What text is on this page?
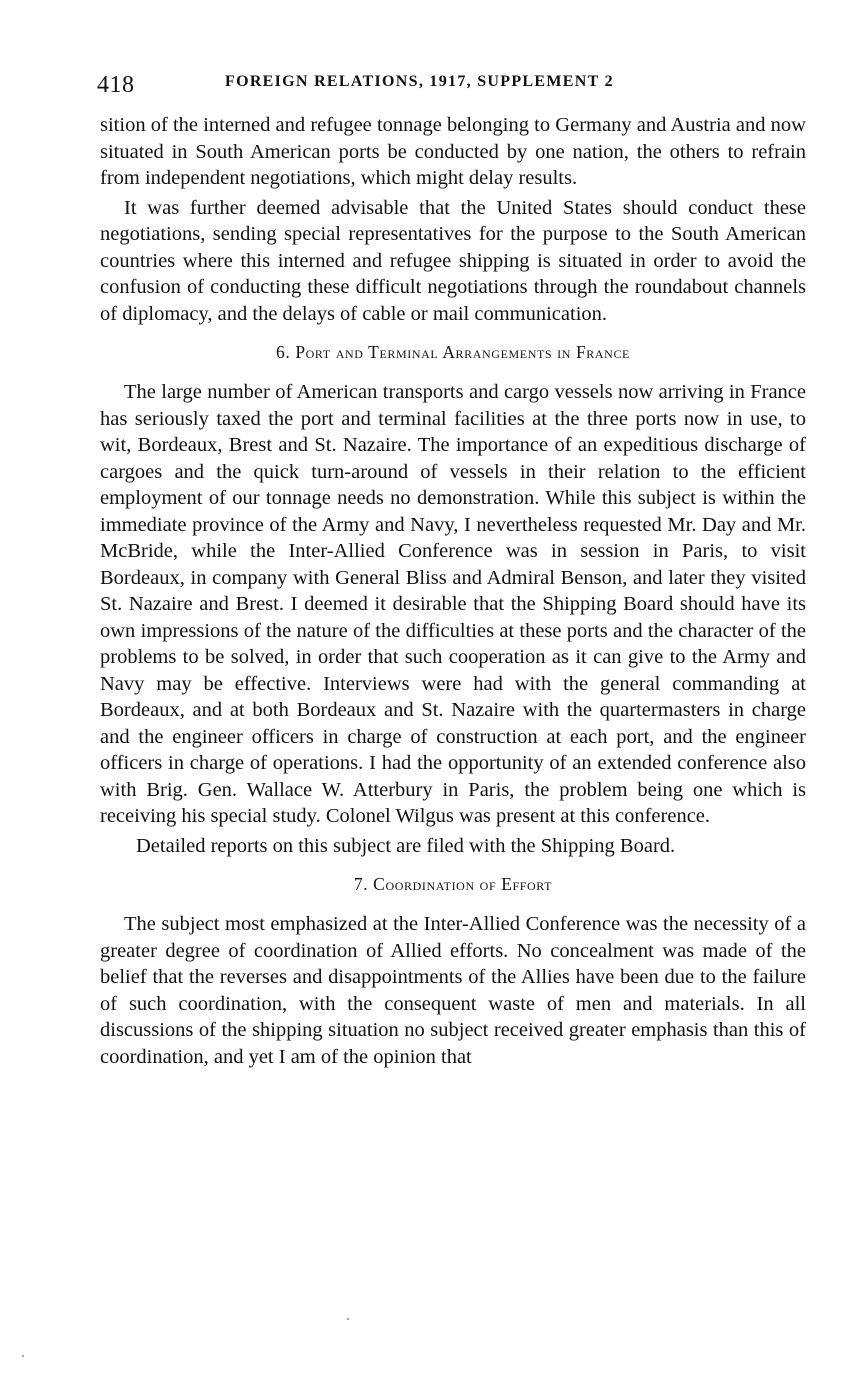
418	FOREIGN RELATIONS, 1917, SUPPLEMENT 2

sition of the interned and refugee tonnage belonging to Germany and Austria and now situated in South American ports be conducted by one nation, the others to refrain from independent negotiations, which might delay results.

It was further deemed advisable that the United States should conduct these negotiations, sending special representatives for the purpose to the South American countries where this interned and refugee shipping is situated in order to avoid the confusion of conducting these difficult negotiations through the roundabout channels of diplomacy, and the delays of cable or mail communication.

6. Port and Terminal Arrangements in France

The large number of American transports and cargo vessels now arriving in France has seriously taxed the port and terminal facilities at the three ports now in use, to wit, Bordeaux, Brest and St. Nazaire. The importance of an expeditious discharge of cargoes and the quick turn-around of vessels in their relation to the efficient employment of our tonnage needs no demonstration. While this subject is within the immediate province of the Army and Navy, I nevertheless requested Mr. Day and Mr. McBride, while the Inter-Allied Conference was in session in Paris, to visit Bordeaux, in company with General Bliss and Admiral Benson, and later they visited St. Nazaire and Brest. I deemed it desirable that the Shipping Board should have its own impressions of the nature of the difficulties at these ports and the character of the problems to be solved, in order that such cooperation as it can give to the Army and Navy may be effective. Interviews were had with the general commanding at Bordeaux, and at both Bordeaux and St. Nazaire with the quartermasters in charge and the engineer officers in charge of construction at each port, and the engineer officers in charge of operations. I had the opportunity of an extended conference also with Brig. Gen. Wallace W. Atterbury in Paris, the problem being one which is receiving his special study. Colonel Wilgus was present at this conference.

Detailed reports on this subject are filed with the Shipping Board.

7. Coordination of Effort

The subject most emphasized at the Inter-Allied Conference was the necessity of a greater degree of coordination of Allied efforts. No concealment was made of the belief that the reverses and disappointments of the Allies have been due to the failure of such coordination, with the consequent waste of men and materials. In all discussions of the shipping situation no subject received greater emphasis than this of coordination, and yet I am of the opinion that
